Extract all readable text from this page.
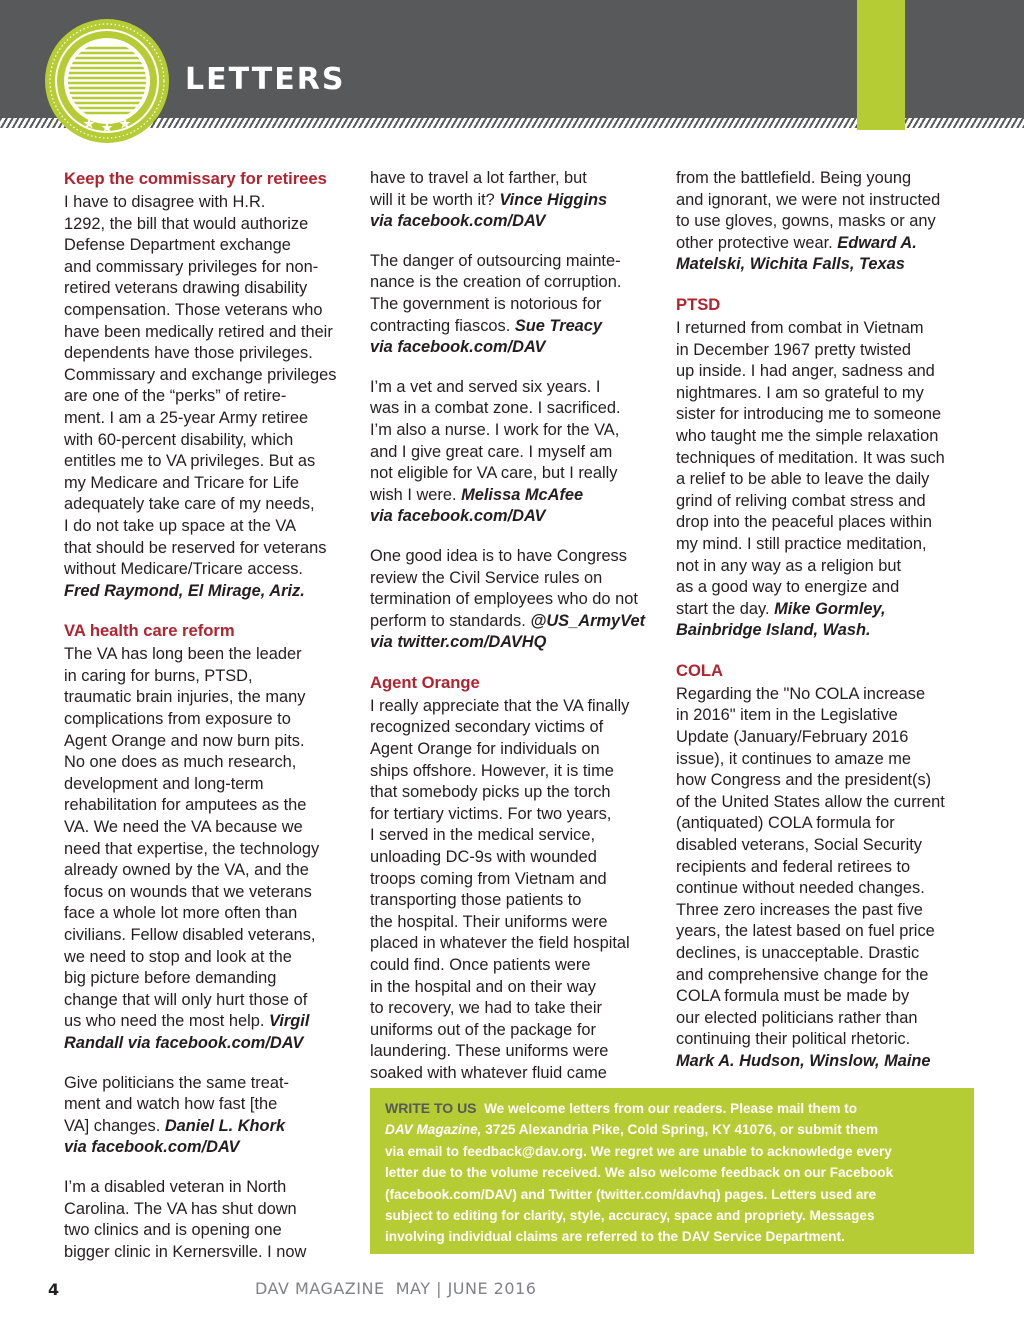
LETTERS
Keep the commissary for retirees

I have to disagree with H.R.
1292, the bill that would authorize
Defense Department exchange
and commissary privileges for non-
retired veterans drawing disability
compensation. Those veterans who
have been medically retired and their
dependents have those privileges.
Commissary and exchange privileges
are one of the “perks” of retire-
ment. I am a 25-year Army retiree
with 60-percent disability, which
entitles me to VA privileges. But as
my Medicare and Tricare for Life
adequately take care of my needs,
I do not take up space at the VA
that should be reserved for veterans
without Medicare/Tricare access.
Fred Raymond, El Mirage, Ariz.

VA health care reform

The VA has long been the leader
in caring for burns, PTSD,
traumatic brain injuries, the many
complications from exposure to
Agent Orange and now burn pits.
No one does as much research,
development and long-term
rehabilitation for amputees as the
VA. We need the VA because we
need that expertise, the technology
already owned by the VA, and the
focus on wounds that we veterans
face a whole lot more often than
civilians. Fellow disabled veterans,
we need to stop and look at the
big picture before demanding
change that will only hurt those of
us who need the most help. Virgil
Randall via facebook.com/DAV

Give politicians the same treat-
ment and watch how fast [the
VA] changes. Daniel L. Khork
via facebook.com/DAV

I’m a disabled veteran in North
Carolina. The VA has shut down
two clinics and is opening one
bigger clinic in Kernersville. I now

have to travel a lot farther, but
will it be worth it? Vince Higgins
via facebook.com/DAV

The danger of outsourcing mainte-
nance is the creation of corruption.
The government is notorious for
contracting fiascos. Sue Treacy
via facebook.com/DAV

I’m a vet and served six years. I
was in a combat zone. I sacrificed.
I’m also a nurse. I work for the VA,
and I give great care. I myself am
not eligible for VA care, but I really
wish I were. Melissa McAfee
via facebook.com/DAV

One good idea is to have Congress
review the Civil Service rules on
termination of employees who do not
perform to standards. @US_ArmyVet
via twitter.com/DAVHQ

Agent Orange

I really appreciate that the VA finally
recognized secondary victims of
Agent Orange for individuals on
ships offshore. However, it is time
that somebody picks up the torch
for tertiary victims. For two years,
I served in the medical service,
unloading DC-9s with wounded
troops coming from Vietnam and
transporting those patients to
the hospital. Their uniforms were
placed in whatever the field hospital
could find. Once patients were
in the hospital and on their way
to recovery, we had to take their
uniforms out of the package for
laundering. These uniforms were
soaked with whatever fluid came

from the battlefield. Being young
and ignorant, we were not instructed
to use gloves, gowns, masks or any
other protective wear. Edward A.
Matelski, Wichita Falls, Texas

PTSD

I returned from combat in Vietnam
in December 1967 pretty twisted
up inside. I had anger, sadness and
nightmares. I am so grateful to my
sister for introducing me to someone
who taught me the simple relaxation
techniques of meditation. It was such
a relief to be able to leave the daily
grind of reliving combat stress and
drop into the peaceful places within
my mind. I still practice meditation,
not in any way as a religion but
as a good way to energize and
start the day. Mike Gormley,
Bainbridge Island, Wash.

COLA

Regarding the "No COLA increase
in 2016" item in the Legislative
Update (January/February 2016
issue), it continues to amaze me
how Congress and the president(s)
of the United States allow the current
(antiquated) COLA formula for
disabled veterans, Social Security
recipients and federal retirees to
continue without needed changes.
Three zero increases the past five
years, the latest based on fuel price
declines, is unacceptable. Drastic
and comprehensive change for the
COLA formula must be made by
our elected politicians rather than
continuing their political rhetoric.
Mark A. Hudson, Winslow, Maine

WRITE TO US We welcome letters from our readers. Please mail them to
DAV Magazine, 3725 Alexandria Pike, Cold Spring, KY 41076, or submit them
via email to feedback@dav.org. We regret we are unable to acknowledge every
letter due to the volume received. We also welcome feedback on our Facebook
(facebook.com/DAV) and Twitter (twitter.com/davhq) pages. Letters used are
subject to editing for clarity, style, accuracy, space and propriety. Messages
involving individual claims are referred to the DAV Service Department.
4	DAV MAGAZINE  MAY | JUNE 2016
